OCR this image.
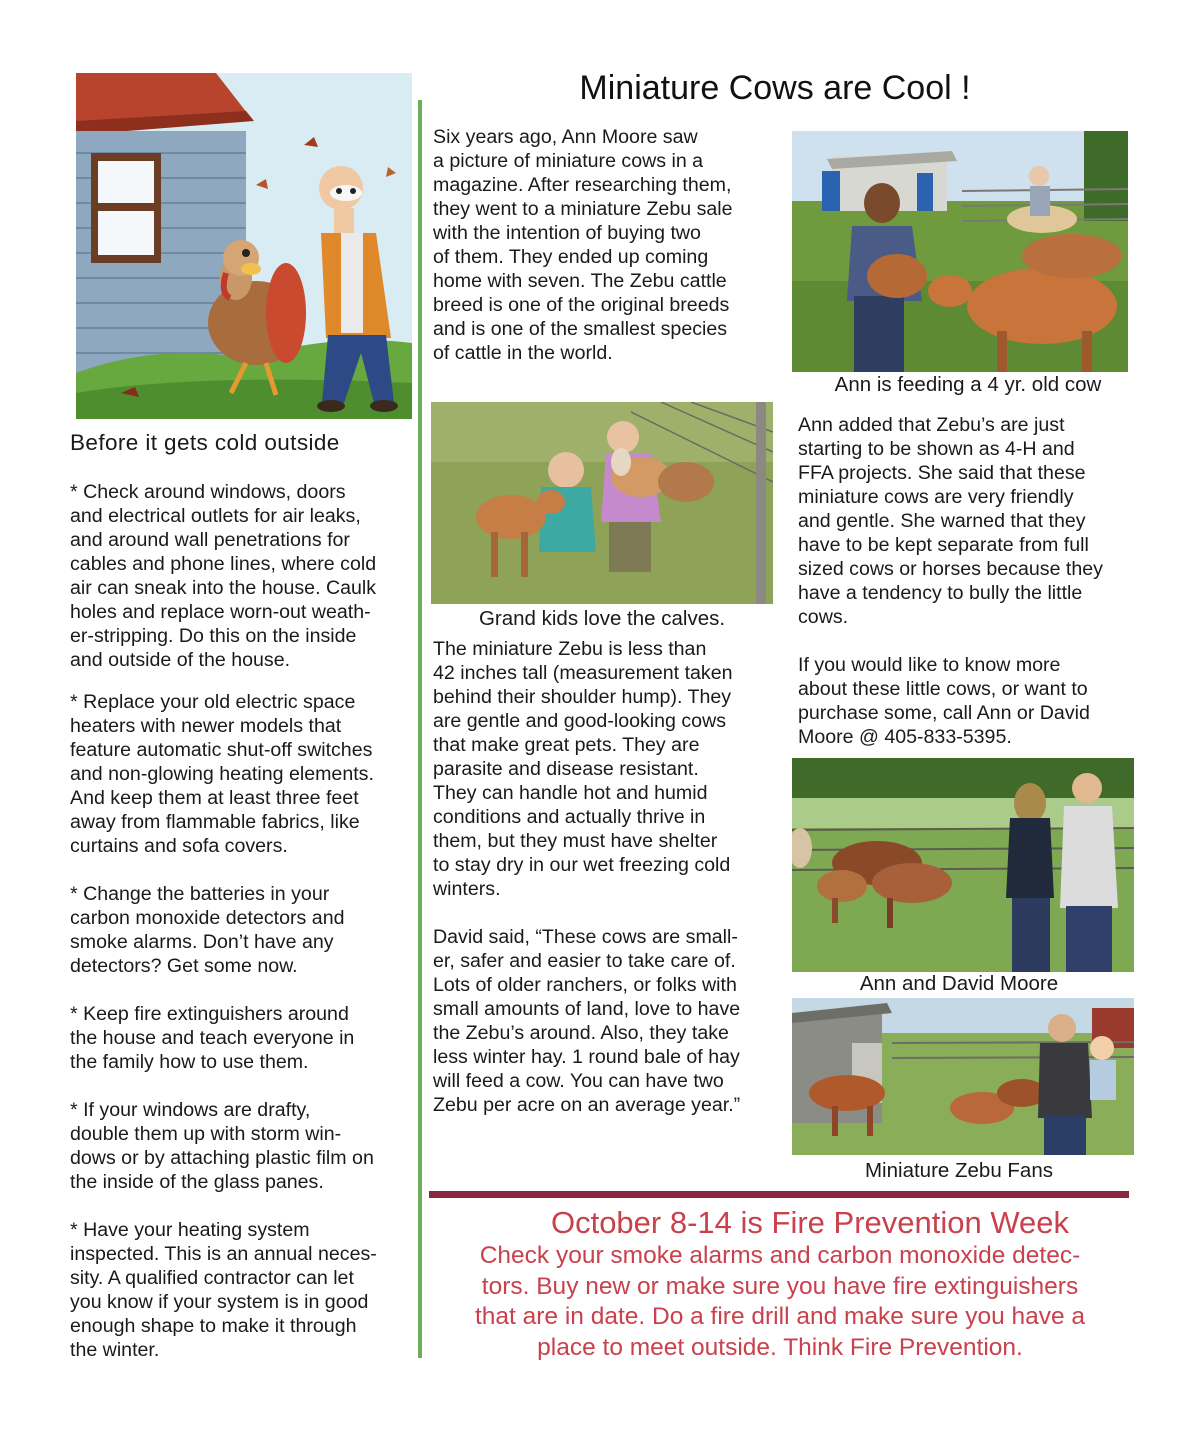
Before it gets cold outside
* Check around windows, doors
and electrical outlets for air leaks,
and around wall penetrations for
cables and phone lines, where cold
air can sneak into the house. Caulk
holes and replace worn-out weath-
er-stripping. Do this on the inside
and outside of the house.
* Replace your old electric space
heaters with newer models that
feature automatic shut-off switches
and non-glowing heating elements.
And keep them at least three feet
away from flammable fabrics, like
curtains and sofa covers.
* Change the batteries in your
carbon monoxide detectors and
smoke alarms. Don’t have any
detectors? Get some now.
* Keep fire extinguishers around
the house and teach everyone in
the family how to use them.
* If your windows are drafty,
double them up with storm win-
dows or by attaching plastic film on
the inside of the glass panes.
* Have your heating system
inspected. This is an annual neces-
sity. A qualified contractor can let
you know if your system is in good
enough shape to make it through
the winter.
Miniature Cows are Cool !
Six years ago, Ann Moore saw
a picture of miniature cows in a
magazine. After researching them,
they went to a miniature Zebu sale
with the intention of buying two
of them. They ended up coming
home with seven. The Zebu cattle
breed is one of the original breeds
and is one of the smallest species
of cattle in the world.
Ann is feeding a 4 yr. old cow
Grand kids love the calves.
The miniature Zebu is less than
42 inches tall (measurement taken
behind their shoulder hump). They
are gentle and good-looking cows
that make great pets. They are
parasite and disease resistant.
They can handle hot and humid
conditions and actually thrive in
them, but they must have shelter
to stay dry in our wet freezing cold
winters.
David said, “These cows are small-
er, safer and easier to take care of.
Lots of older ranchers, or folks with
small amounts of land, love to have
the Zebu’s around. Also, they take
less winter hay. 1 round bale of hay
will feed a cow. You can have two
Zebu per acre on an average year.”
Ann added that Zebu’s are just
starting to be shown as 4-H and
FFA projects. She said that these
miniature cows are very friendly
and gentle. She warned that they
have to be kept separate from full
sized cows or horses because they
have a tendency to bully the little
cows.
If you would like to know more
about these little cows, or want to
purchase some, call Ann or David
Moore @ 405-833-5395.
Ann and David Moore
Miniature Zebu Fans
October 8-14 is Fire Prevention Week
Check your smoke alarms and carbon monoxide detec-
tors. Buy new or make sure you have fire extinguishers
that are in date. Do a fire drill and make sure you have a
place to meet outside. Think Fire Prevention.
